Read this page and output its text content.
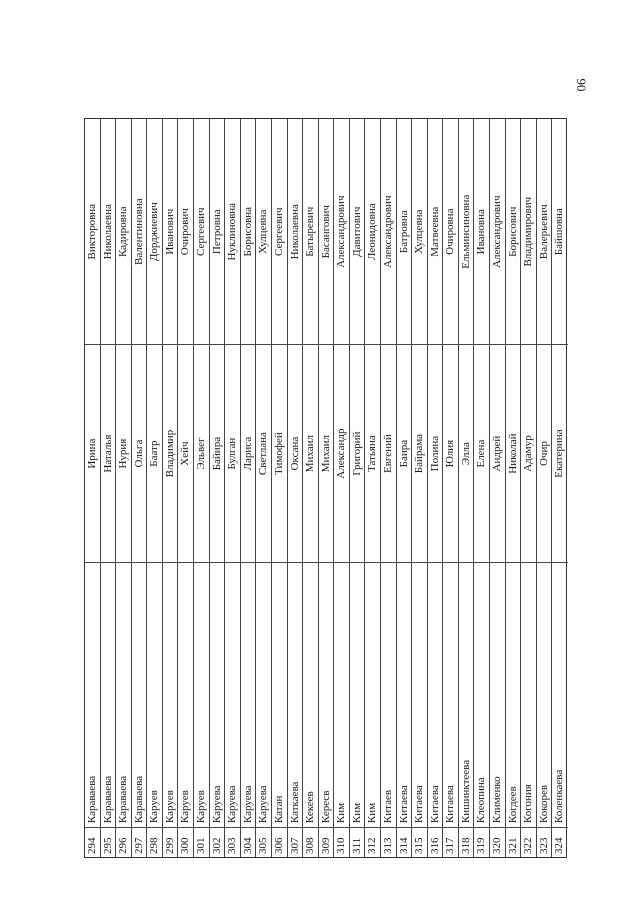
90
294
Караваева
Ирина
Викторовна
295
Караваева
Наталья
Николаевна
296
Караваева
Нурия
Кадировна
297
Караваева
Ольга
Валентиновна
298
Каруев
Баатр
Дорджиевич
299
Каруев
Владимир
Иванович
300
Каруев
Хейч
Очирович
301
Каруев
Эльвег
Сергеевич
302
Каруева
Байира
Петровна
303
Каруева
Булган
Нуклиновна
304
Каруева
Лариса
Борисовна
305
Каруева
Светлана
Хулцевна
306
Катан
Тимофей
Сергеевич
307
Каткаева
Оксана
Николаевна
308
Кекеев
Михаил
Батыревич
309
Кересв
Михаил
Басангович
310
Ким
Александр
Александрович
311
Ким
Григорий
Давитович
312
Ким
Татьяна
Леонидовна
313
Китаев
Евгений
Александрович
314
Китаева
Баира
Батровна
315
Китаева
Байрама
Хулцевна
316
Китаева
Полина
Матвеевна
317
Китаева
Юлия
Очировна
318
Кишинктеева
Элла
Ельминсиновна
319
Клеопина
Елена
Ивановна
320
Клименко
Андрей
Александрович
321
Когдеев
Николай
Борисович
322
Когония
Адамур
Владимирович
323
Кокорев
Очир
Валерьевич
324
Коленкаева
Екатерина
Байшовна
